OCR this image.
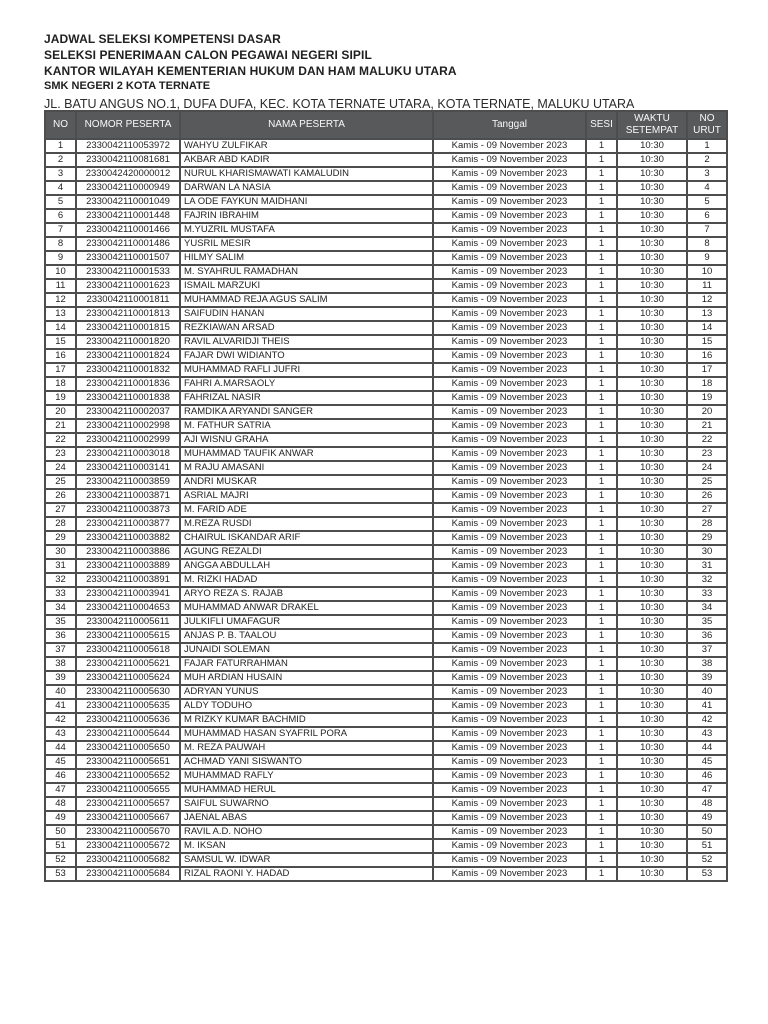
JADWAL SELEKSI KOMPETENSI DASAR
SELEKSI PENERIMAAN CALON PEGAWAI NEGERI SIPIL
KANTOR WILAYAH KEMENTERIAN HUKUM DAN HAM MALUKU UTARA
SMK NEGERI 2 KOTA TERNATE
JL. BATU ANGUS NO.1, DUFA DUFA, KEC. KOTA TERNATE UTARA, KOTA TERNATE, MALUKU UTARA
NO	NOMOR PESERTA	NAMA PESERTA	Tanggal	SESI	WAKTU SETEMPAT	NO URUT
1	2330042110053972	WAHYU ZULFIKAR	Kamis - 09 November 2023	1	10:30	1
2	2330042110081681	AKBAR ABD KADIR	Kamis - 09 November 2023	1	10:30	2
3	2330042420000012	NURUL KHARISMAWATI KAMALUDIN	Kamis - 09 November 2023	1	10:30	3
4	2330042110000949	DARWAN LA NASIA	Kamis - 09 November 2023	1	10:30	4
5	2330042110001049	LA ODE FAYKUN MAIDHANI	Kamis - 09 November 2023	1	10:30	5
6	2330042110001448	FAJRIN IBRAHIM	Kamis - 09 November 2023	1	10:30	6
7	2330042110001466	M.YUZRIL MUSTAFA	Kamis - 09 November 2023	1	10:30	7
8	2330042110001486	YUSRIL MESIR	Kamis - 09 November 2023	1	10:30	8
9	2330042110001507	HILMY SALIM	Kamis - 09 November 2023	1	10:30	9
10	2330042110001533	M. SYAHRUL RAMADHAN	Kamis - 09 November 2023	1	10:30	10
11	2330042110001623	ISMAIL MARZUKI	Kamis - 09 November 2023	1	10:30	11
12	2330042110001811	MUHAMMAD REJA AGUS SALIM	Kamis - 09 November 2023	1	10:30	12
13	2330042110001813	SAIFUDIN HANAN	Kamis - 09 November 2023	1	10:30	13
14	2330042110001815	REZKIAWAN ARSAD	Kamis - 09 November 2023	1	10:30	14
15	2330042110001820	RAVIL ALVARIDJI THEIS	Kamis - 09 November 2023	1	10:30	15
16	2330042110001824	FAJAR DWI WIDIANTO	Kamis - 09 November 2023	1	10:30	16
17	2330042110001832	MUHAMMAD RAFLI JUFRI	Kamis - 09 November 2023	1	10:30	17
18	2330042110001836	FAHRI A.MARSAOLY	Kamis - 09 November 2023	1	10:30	18
19	2330042110001838	FAHRIZAL NASIR	Kamis - 09 November 2023	1	10:30	19
20	2330042110002037	RAMDIKA ARYANDI SANGER	Kamis - 09 November 2023	1	10:30	20
21	2330042110002998	M. FATHUR SATRIA	Kamis - 09 November 2023	1	10:30	21
22	2330042110002999	AJI WISNU GRAHA	Kamis - 09 November 2023	1	10:30	22
23	2330042110003018	MUHAMMAD TAUFIK ANWAR	Kamis - 09 November 2023	1	10:30	23
24	2330042110003141	M RAJU AMASANI	Kamis - 09 November 2023	1	10:30	24
25	2330042110003859	ANDRI MUSKAR	Kamis - 09 November 2023	1	10:30	25
26	2330042110003871	ASRIAL MAJRI	Kamis - 09 November 2023	1	10:30	26
27	2330042110003873	M. FARID ADE	Kamis - 09 November 2023	1	10:30	27
28	2330042110003877	M.REZA RUSDI	Kamis - 09 November 2023	1	10:30	28
29	2330042110003882	CHAIRUL ISKANDAR ARIF	Kamis - 09 November 2023	1	10:30	29
30	2330042110003886	AGUNG REZALDI	Kamis - 09 November 2023	1	10:30	30
31	2330042110003889	ANGGA ABDULLAH	Kamis - 09 November 2023	1	10:30	31
32	2330042110003891	M. RIZKI HADAD	Kamis - 09 November 2023	1	10:30	32
33	2330042110003941	ARYO REZA S. RAJAB	Kamis - 09 November 2023	1	10:30	33
34	2330042110004653	MUHAMMAD ANWAR DRAKEL	Kamis - 09 November 2023	1	10:30	34
35	2330042110005611	JULKIFLI UMAFAGUR	Kamis - 09 November 2023	1	10:30	35
36	2330042110005615	ANJAS P. B. TAALOU	Kamis - 09 November 2023	1	10:30	36
37	2330042110005618	JUNAIDI SOLEMAN	Kamis - 09 November 2023	1	10:30	37
38	2330042110005621	FAJAR FATURRAHMAN	Kamis - 09 November 2023	1	10:30	38
39	2330042110005624	MUH ARDIAN HUSAIN	Kamis - 09 November 2023	1	10:30	39
40	2330042110005630	ADRYAN YUNUS	Kamis - 09 November 2023	1	10:30	40
41	2330042110005635	ALDY TODUHO	Kamis - 09 November 2023	1	10:30	41
42	2330042110005636	M RIZKY KUMAR BACHMID	Kamis - 09 November 2023	1	10:30	42
43	2330042110005644	MUHAMMAD HASAN SYAFRIL PORA	Kamis - 09 November 2023	1	10:30	43
44	2330042110005650	M. REZA PAUWAH	Kamis - 09 November 2023	1	10:30	44
45	2330042110005651	ACHMAD YANI SISWANTO	Kamis - 09 November 2023	1	10:30	45
46	2330042110005652	MUHAMMAD RAFLY	Kamis - 09 November 2023	1	10:30	46
47	2330042110005655	MUHAMMAD HERUL	Kamis - 09 November 2023	1	10:30	47
48	2330042110005657	SAIFUL SUWARNO	Kamis - 09 November 2023	1	10:30	48
49	2330042110005667	JAENAL ABAS	Kamis - 09 November 2023	1	10:30	49
50	2330042110005670	RAVIL A.D. NOHO	Kamis - 09 November 2023	1	10:30	50
51	2330042110005672	M. IKSAN	Kamis - 09 November 2023	1	10:30	51
52	2330042110005682	SAMSUL W. IDWAR	Kamis - 09 November 2023	1	10:30	52
53	2330042110005684	RIZAL RAONI Y. HADAD	Kamis - 09 November 2023	1	10:30	53
